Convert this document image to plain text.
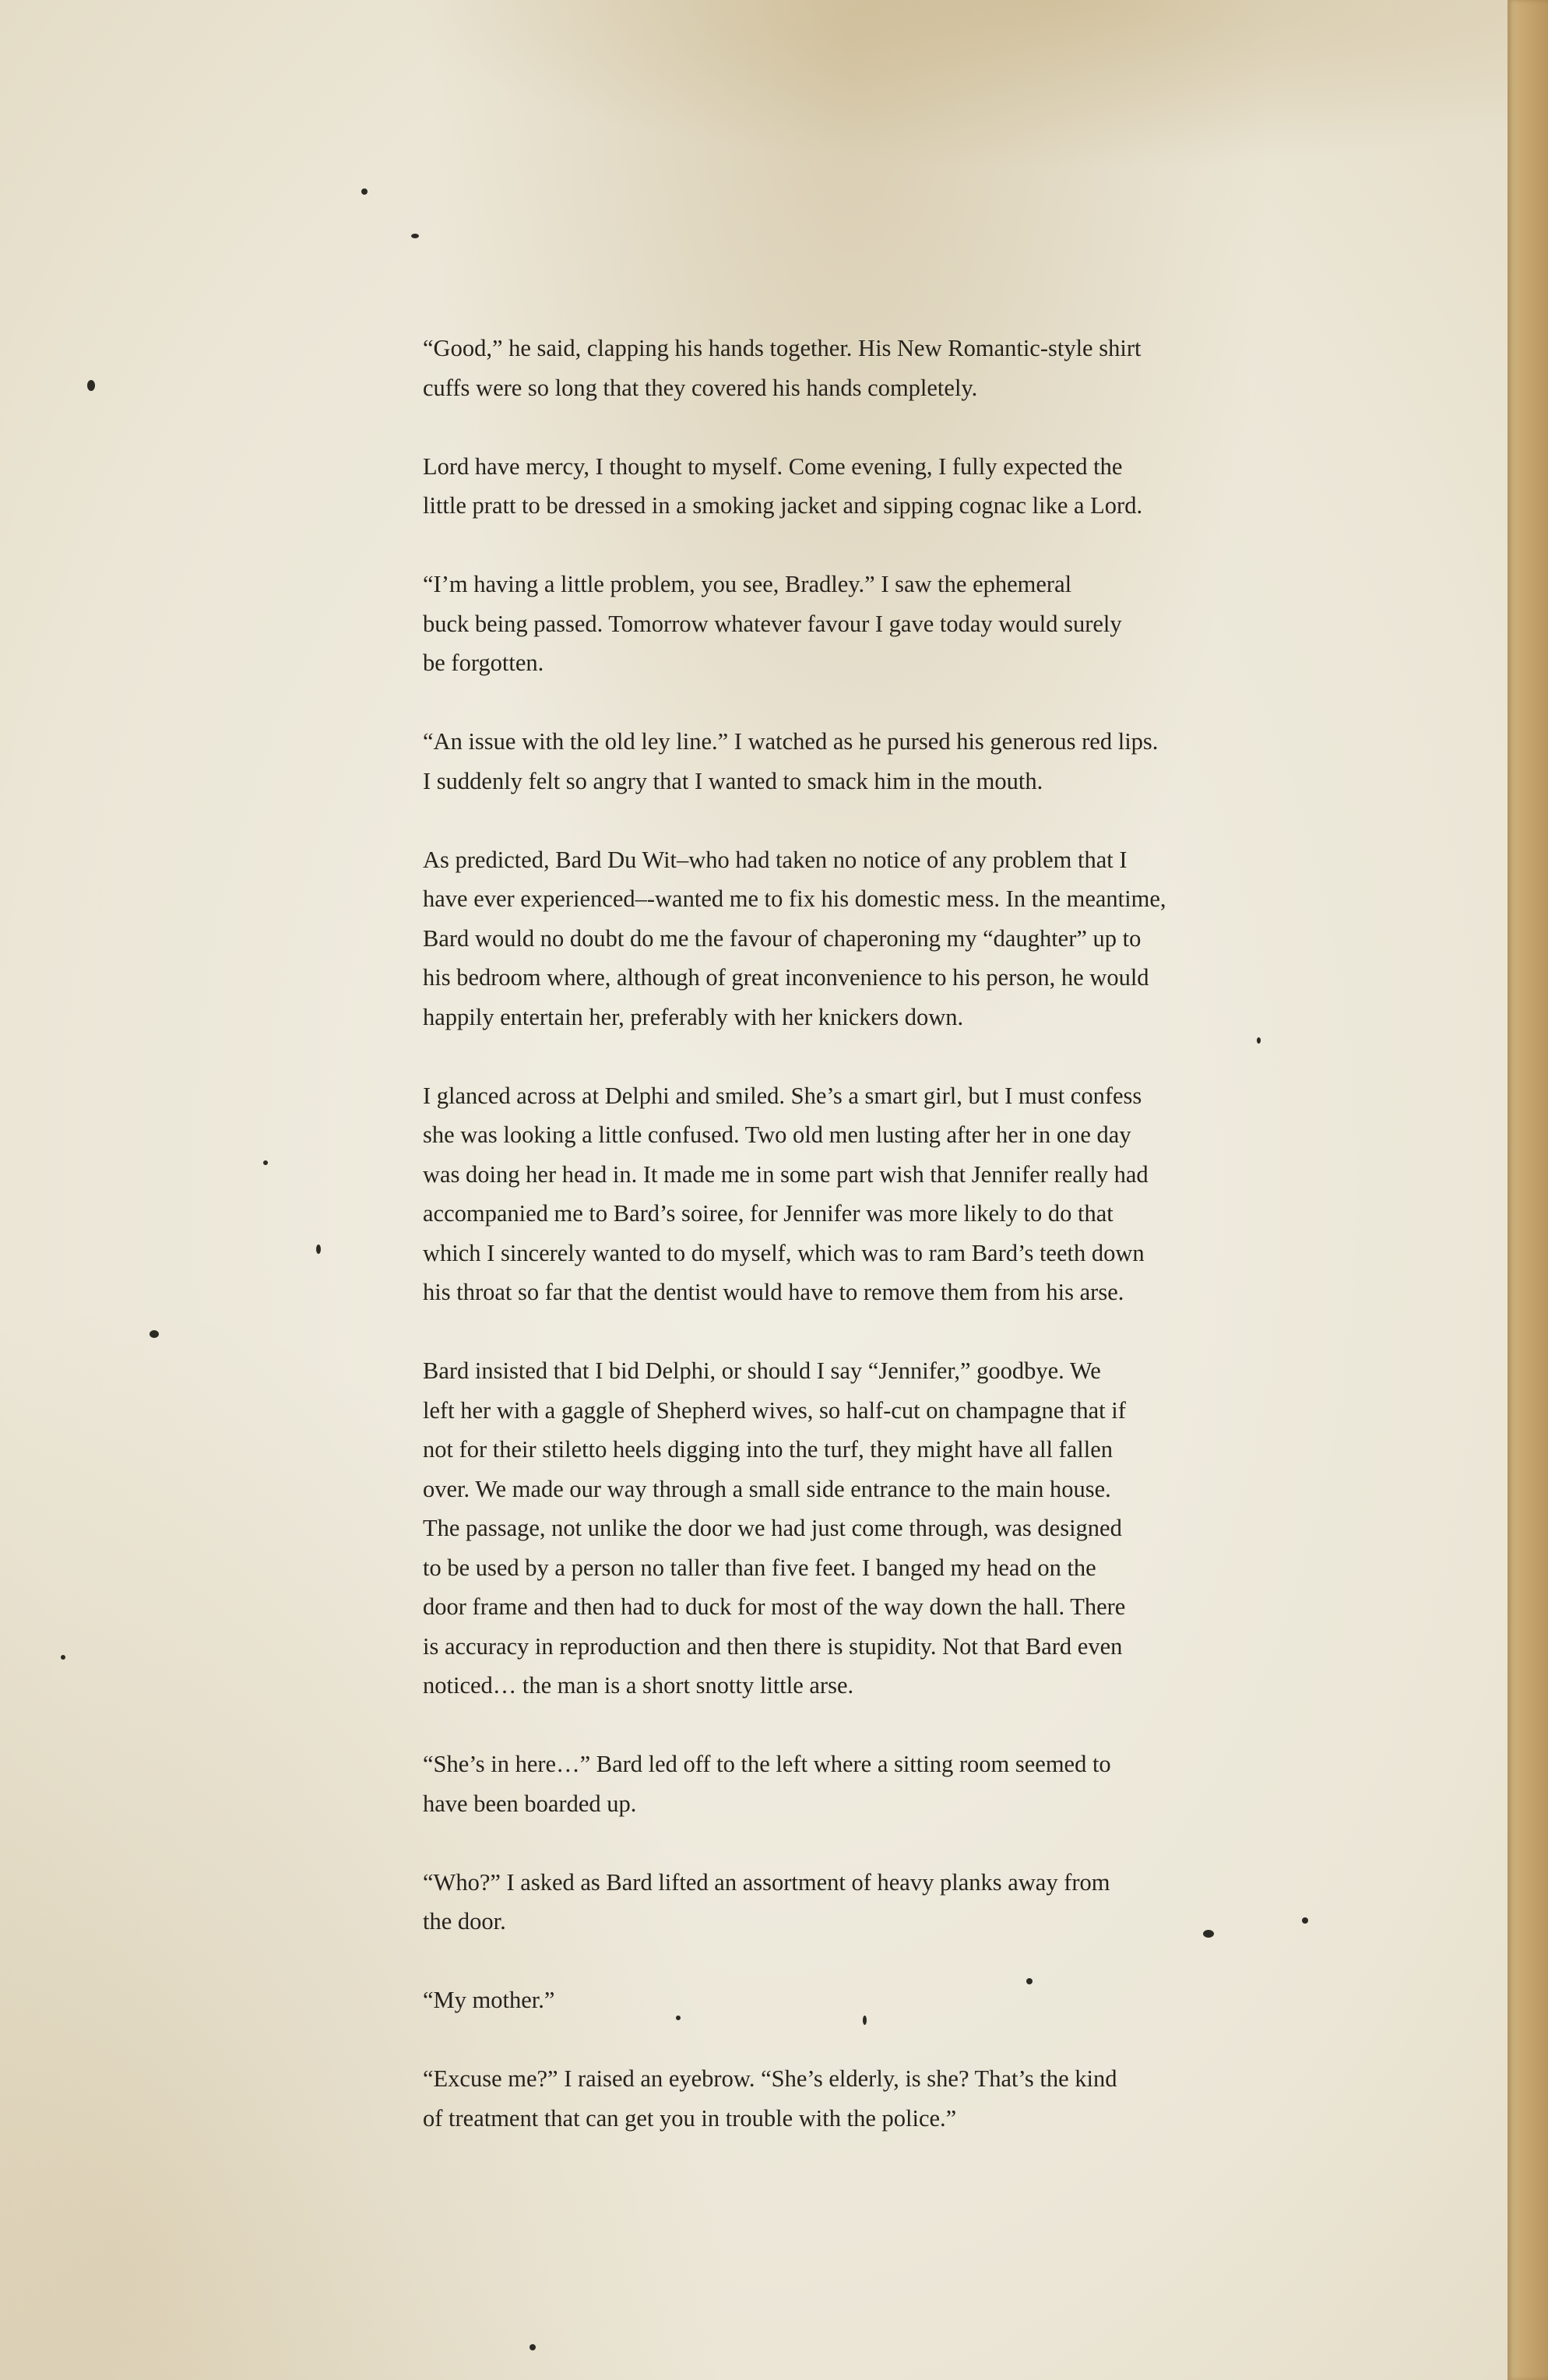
“Good,” he said, clapping his hands together. His New Romantic-style shirt
cuffs were so long that they covered his hands completely.

Lord have mercy, I thought to myself. Come evening, I fully expected the
little pratt to be dressed in a smoking jacket and sipping cognac like a Lord.

“I’m having a little problem, you see, Bradley.” I saw the ephemeral
buck being passed. Tomorrow whatever favour I gave today would surely
be forgotten.

“An issue with the old ley line.” I watched as he pursed his generous red lips.
I suddenly felt so angry that I wanted to smack him in the mouth.

As predicted, Bard Du Wit–who had taken no notice of any problem that I
have ever experienced–-wanted me to fix his domestic mess. In the meantime,
Bard would no doubt do me the favour of chaperoning my “daughter” up to
his bedroom where, although of great inconvenience to his person, he would
happily entertain her, preferably with her knickers down.

I glanced across at Delphi and smiled. She’s a smart girl, but I must confess
she was looking a little confused. Two old men lusting after her in one day
was doing her head in. It made me in some part wish that Jennifer really had
accompanied me to Bard’s soiree, for Jennifer was more likely to do that
which I sincerely wanted to do myself, which was to ram Bard’s teeth down
his throat so far that the dentist would have to remove them from his arse.

Bard insisted that I bid Delphi, or should I say “Jennifer,” goodbye. We
left her with a gaggle of Shepherd wives, so half-cut on champagne that if
not for their stiletto heels digging into the turf, they might have all fallen
over. We made our way through a small side entrance to the main house.
The passage, not unlike the door we had just come through, was designed
to be used by a person no taller than five feet. I banged my head on the
door frame and then had to duck for most of the way down the hall. There
is accuracy in reproduction and then there is stupidity. Not that Bard even
noticed… the man is a short snotty little arse.

“She’s in here…” Bard led off to the left where a sitting room seemed to
have been boarded up.

“Who?” I asked as Bard lifted an assortment of heavy planks away from
the door.

“My mother.”

“Excuse me?” I raised an eyebrow. “She’s elderly, is she? That’s the kind
of treatment that can get you in trouble with the police.”
